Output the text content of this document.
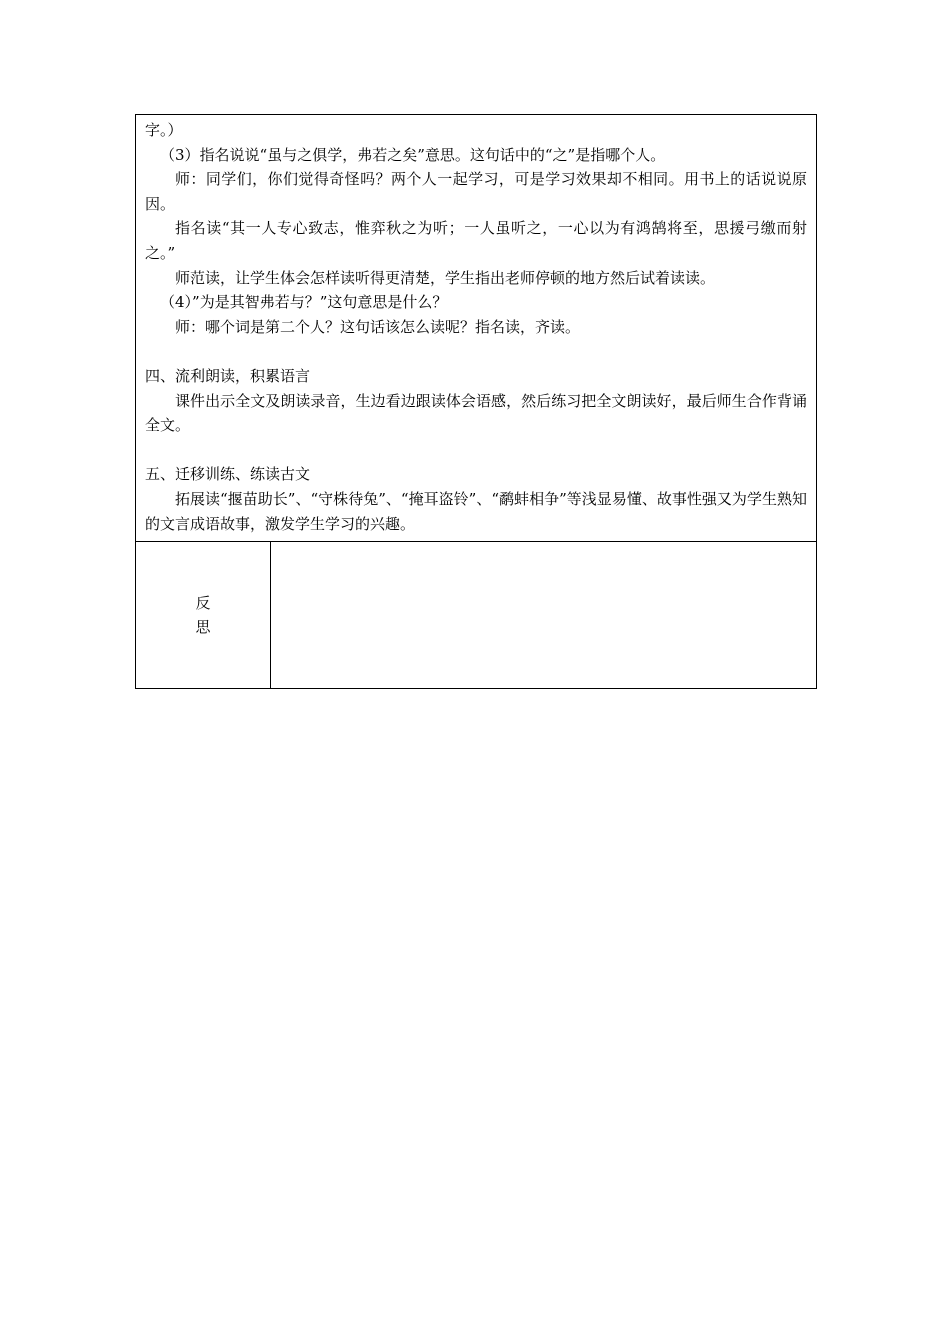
字。）
（3）指名说说“虽与之俱学，弗若之矣”意思。这句话中的“之”是指哪个人。
师：同学们，你们觉得奇怪吗？两个人一起学习，可是学习效果却不相同。用书上的话说说原因。
指名读“其一人专心致志，惟弈秋之为听；一人虽听之，一心以为有鸿鹄将至，思援弓缴而射之。”
师范读，让学生体会怎样读听得更清楚，学生指出老师停顿的地方然后试着读读。
（4）”为是其智弗若与？”这句意思是什么？
师：哪个词是第二个人？这句话该怎么读呢？指名读，齐读。
四、流利朗读，积累语言
课件出示全文及朗读录音，生边看边跟读体会语感，然后练习把全文朗读好，最后师生合作背诵全文。
五、迁移训练、练读古文
拓展读“揠苗助长”、“守株待兔”、“掩耳盗铃”、“鹬蚌相争”等浅显易懂、故事性强又为学生熟知的文言成语故事，激发学生学习的兴趣。
反
思
